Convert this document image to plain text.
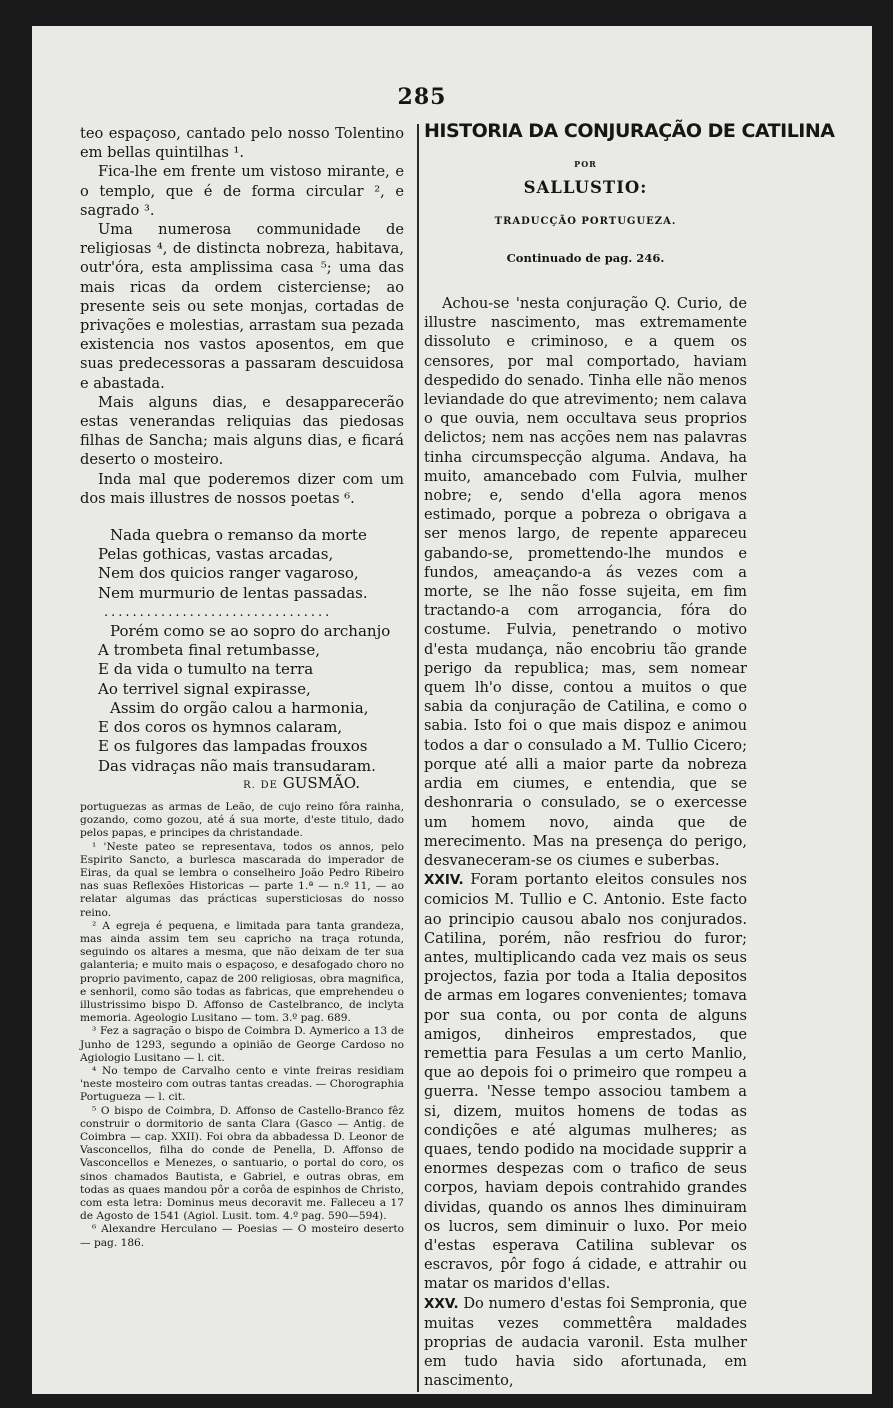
285

teo espaçoso, cantado pelo nosso Tolentino em bellas quintilhas ¹.

Fica-lhe em frente um vistoso mirante, e o templo, que é de forma circular ², e sagrado ³.

Uma numerosa communidade de religiosas ⁴, de distincta nobreza, habitava, outr'óra, esta amplissima casa ⁵; uma das mais ricas da ordem cisterciense; ao presente seis ou sete monjas, cortadas de privações e molestias, arrastam sua pezada existencia nos vastos aposentos, em que suas predecessoras a passaram descuidosa e abastada.

Mais alguns dias, e desapparecerão estas venerandas reliquias das piedosas filhas de Sancha; mais alguns dias, e ficará deserto o mosteiro.

Inda mal que poderemos dizer com um dos mais illustres de nossos poetas ⁶.

Nada quebra o remanso da morte
Pelas gothicas, vastas arcadas,
Nem dos quicios ranger vagaroso,
Nem murmurio de lentas passadas.
................................
Porém como se ao sopro do archanjo
A trombeta final retumbasse,
E da vida o tumulto na terra
Ao terrivel signal expirasse,
Assim do orgão calou a harmonia,
E dos coros os hymnos calaram,
E os fulgores das lampadas frouxos
Das vidraças não mais transudaram.
R. DE GUSMÃO.

portuguezas as armas de Leão, de cujo reino fôra rainha, gozando, como gozou, até á sua morte, d'este titulo, dado pelos papas, e principes da christandade.

¹ 'Neste pateo se representava, todos os annos, pelo Espirito Sancto, a burlesca mascarada do imperador de Eiras, da qual se lembra o conselheiro João Pedro Ribeiro nas suas Reflexões Historicas — parte 1.ª — n.º 11, — ao relatar algumas das prácticas supersticiosas do nosso reino.

² A egreja é pequena, e limitada para tanta grandeza, mas ainda assim tem seu capricho na traça rotunda, seguindo os altares a mesma, que não deixam de ter sua galanteria; e muito mais o espaçoso, e desafogado choro no proprio pavimento, capaz de 200 religiosas, obra magnifica, e senhoril, como são todas as fabricas, que emprehendeu o illustrissimo bispo D. Affonso de Castelbranco, de inclyta memoria. Ageologio Lusitano — tom. 3.º pag. 689.

³ Fez a sagração o bispo de Coimbra D. Aymerico a 13 de Junho de 1293, segundo a opinião de George Cardoso no Agiologio Lusitano — l. cit.

⁴ No tempo de Carvalho cento e vinte freiras residiam 'neste mosteiro com outras tantas creadas. — Chorographia Portugueza — l. cit.

⁵ O bispo de Coimbra, D. Affonso de Castello-Branco fêz construir o dormitorio de santa Clara (Gasco — Antig. de Coimbra — cap. XXII). Foi obra da abbadessa D. Leonor de Vasconcellos, filha do conde de Penella, D. Affonso de Vasconcellos e Menezes, o santuario, o portal do coro, os sinos chamados Bautista, e Gabriel, e outras obras, em todas as quaes mandou pôr a corôa de espinhos de Christo, com esta letra: Dominus meus decoravit me. Falleceu a 17 de Agosto de 1541 (Agiol. Lusit. tom. 4.º pag. 590—594).

⁶ Alexandre Herculano — Poesias — O mosteiro deserto — pag. 186.

HISTORIA DA CONJURAÇÃO DE CATILINA
POR
SALLUSTIO:
TRADUCÇÃO PORTUGUEZA.
Continuado de pag. 246.

Achou-se 'nesta conjuração Q. Curio, de illustre nascimento, mas extremamente dissoluto e criminoso, e a quem os censores, por mal comportado, haviam despedido do senado. Tinha elle não menos leviandade do que atrevimento; nem calava o que ouvia, nem occultava seus proprios delictos; nem nas acções nem nas palavras tinha circumspecção alguma. Andava, ha muito, amancebado com Fulvia, mulher nobre; e, sendo d'ella agora menos estimado, porque a pobreza o obrigava a ser menos largo, de repente appareceu gabando-se, promettendo-lhe mundos e fundos, ameaçando-a ás vezes com a morte, se lhe não fosse sujeita, em fim tractando-a com arrogancia, fóra do costume. Fulvia, penetrando o motivo d'esta mudança, não encobriu tão grande perigo da republica; mas, sem nomear quem lh'o disse, contou a muitos o que sabia da conjuração de Catilina, e como o sabia. Isto foi o que mais dispoz e animou todos a dar o consulado a M. Tullio Cicero; porque até alli a maior parte da nobreza ardia em ciumes, e entendia, que se deshonraria o consulado, se o exercesse um homem novo, ainda que de merecimento. Mas na presença do perigo, desvaneceram-se os ciumes e suberbas.

XXIV. Foram portanto eleitos consules nos comicios M. Tullio e C. Antonio. Este facto ao principio causou abalo nos conjurados. Catilina, porém, não resfriou do furor; antes, multiplicando cada vez mais os seus projectos, fazia por toda a Italia depositos de armas em logares convenientes; tomava por sua conta, ou por conta de alguns amigos, dinheiros emprestados, que remettia para Fesulas a um certo Manlio, que ao depois foi o primeiro que rompeu a guerra. 'Nesse tempo associou tambem a si, dizem, muitos homens de todas as condições e até algumas mulheres; as quaes, tendo podido na mocidade supprir a enormes despezas com o trafico de seus corpos, haviam depois contrahido grandes dividas, quando os annos lhes diminuiram os lucros, sem diminuir o luxo. Por meio d'estas esperava Catilina sublevar os escravos, pôr fogo á cidade, e attrahir ou matar os maridos d'ellas.

XXV. Do numero d'estas foi Sempronia, que muitas vezes commettêra maldades proprias de audacia varonil. Esta mulher em tudo havia sido afortunada, em nascimento,
